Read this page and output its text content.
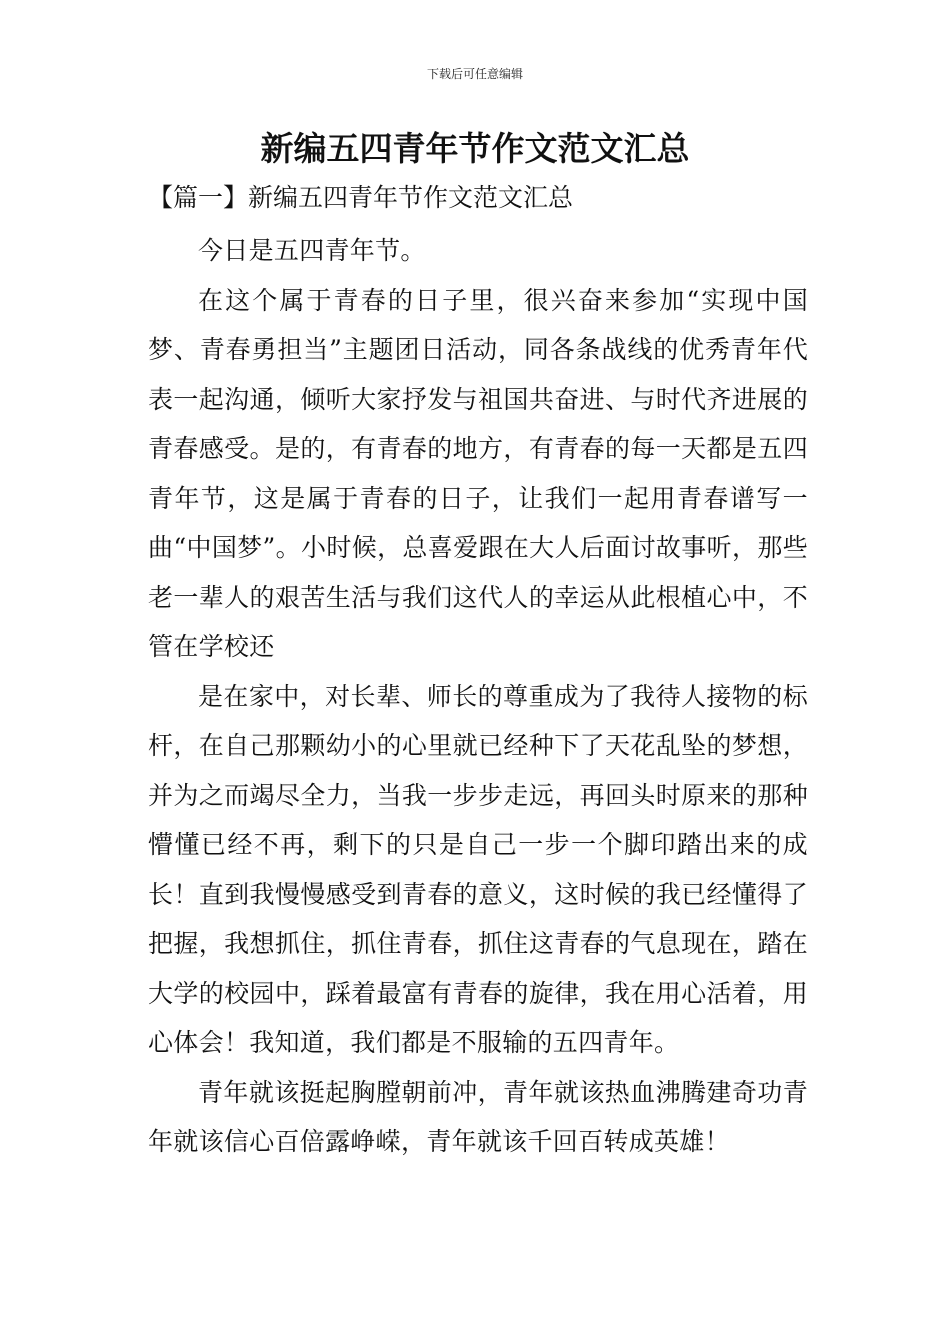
下载后可任意编辑
新编五四青年节作文范文汇总
【篇一】新编五四青年节作文范文汇总

今日是五四青年节。

在这个属于青春的日子里，很兴奋来参加“实现中国梦、青春勇担当”主题团日活动，同各条战线的优秀青年代表一起沟通，倾听大家抒发与祖国共奋进、与时代齐进展的青春感受。是的，有青春的地方，有青春的每一天都是五四青年节，这是属于青春的日子，让我们一起用青春谱写一曲“中国梦”。小时候，总喜爱跟在大人后面讨故事听，那些老一辈人的艰苦生活与我们这代人的幸运从此根植心中，不管在学校还

是在家中，对长辈、师长的尊重成为了我待人接物的标杆，在自己那颗幼小的心里就已经种下了天花乱坠的梦想，并为之而竭尽全力，当我一步步走远，再回头时原来的那种懵懂已经不再，剩下的只是自己一步一个脚印踏出来的成长！直到我慢慢感受到青春的意义，这时候的我已经懂得了把握，我想抓住，抓住青春，抓住这青春的气息现在，踏在大学的校园中，踩着最富有青春的旋律，我在用心活着，用心体会！我知道，我们都是不服输的五四青年。

青年就该挺起胸膛朝前冲，青年就该热血沸腾建奇功青年就该信心百倍露峥嵘，青年就该千回百转成英雄！
